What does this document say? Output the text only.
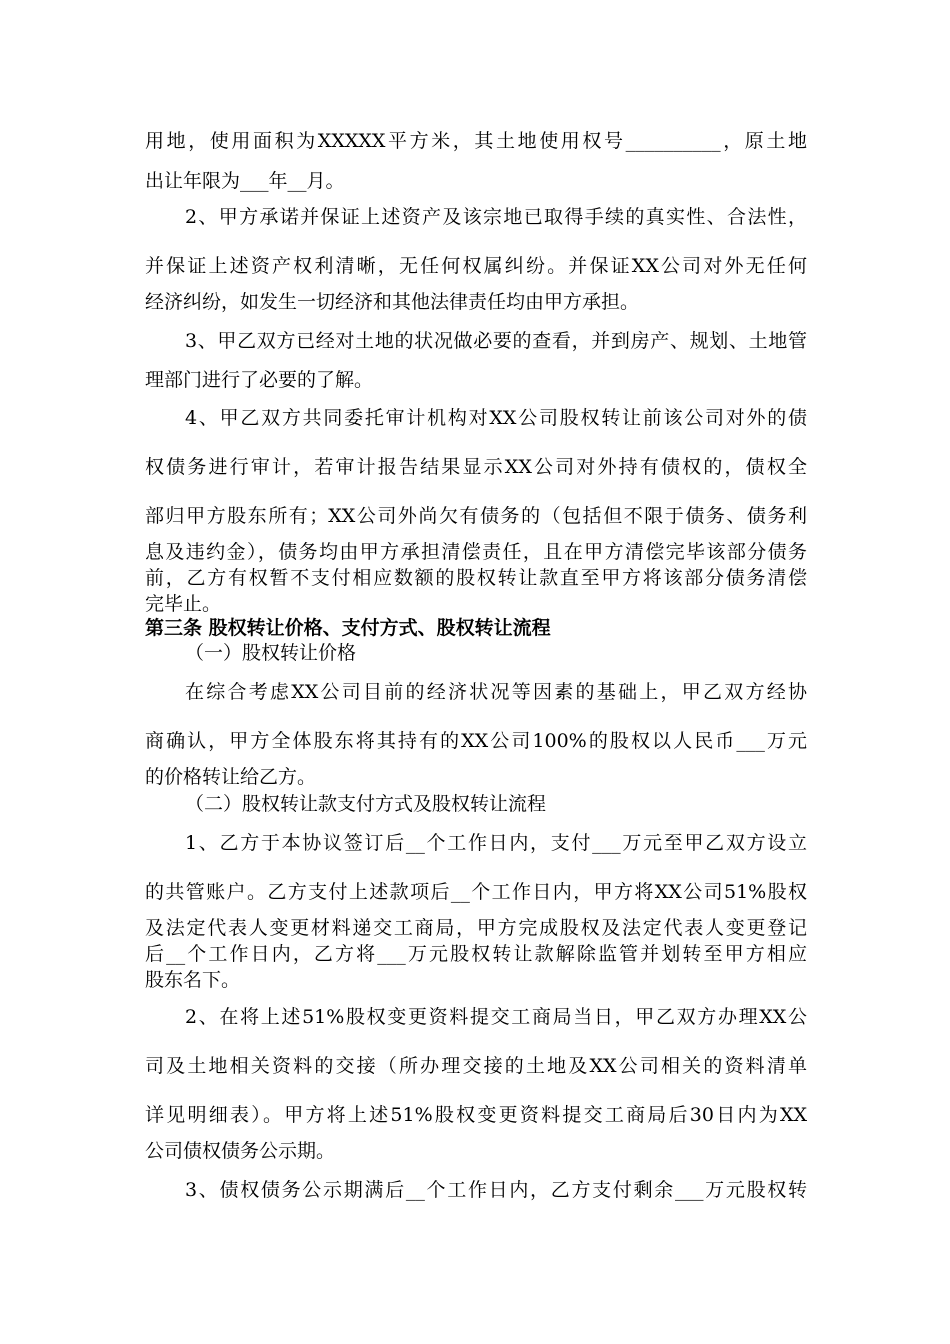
用地，使用面积为XXXXX平方米，其土地使用权号__________，原土地
出让年限为___年__月。
2、甲方承诺并保证上述资产及该宗地已取得手续的真实性、合法性，
并保证上述资产权利清晰，无任何权属纠纷。并保证XX公司对外无任何
经济纠纷，如发生一切经济和其他法律责任均由甲方承担。
3、甲乙双方已经对土地的状况做必要的查看，并到房产、规划、土地管
理部门进行了必要的了解。
4、甲乙双方共同委托审计机构对XX公司股权转让前该公司对外的债
权债务进行审计，若审计报告结果显示XX公司对外持有债权的，债权全
部归甲方股东所有；XX公司外尚欠有债务的（包括但不限于债务、债务利
息及违约金），债务均由甲方承担清偿责任，且在甲方清偿完毕该部分债务
前，乙方有权暂不支付相应数额的股权转让款直至甲方将该部分债务清偿
完毕止。
第三条 股权转让价格、支付方式、股权转让流程
（一）股权转让价格
在综合考虑XX公司目前的经济状况等因素的基础上，甲乙双方经协
商确认，甲方全体股东将其持有的XX公司100%的股权以人民币___万元
的价格转让给乙方。
（二）股权转让款支付方式及股权转让流程
1、乙方于本协议签订后__个工作日内，支付___万元至甲乙双方设立
的共管账户。乙方支付上述款项后__个工作日内，甲方将XX公司51%股权
及法定代表人变更材料递交工商局，甲方完成股权及法定代表人变更登记
后__个工作日内，乙方将___万元股权转让款解除监管并划转至甲方相应
股东名下。
2、在将上述51%股权变更资料提交工商局当日，甲乙双方办理XX公
司及土地相关资料的交接（所办理交接的土地及XX公司相关的资料清单
详见明细表）。甲方将上述51%股权变更资料提交工商局后30日内为XX
公司债权债务公示期。
3、债权债务公示期满后__个工作日内，乙方支付剩余___万元股权转
